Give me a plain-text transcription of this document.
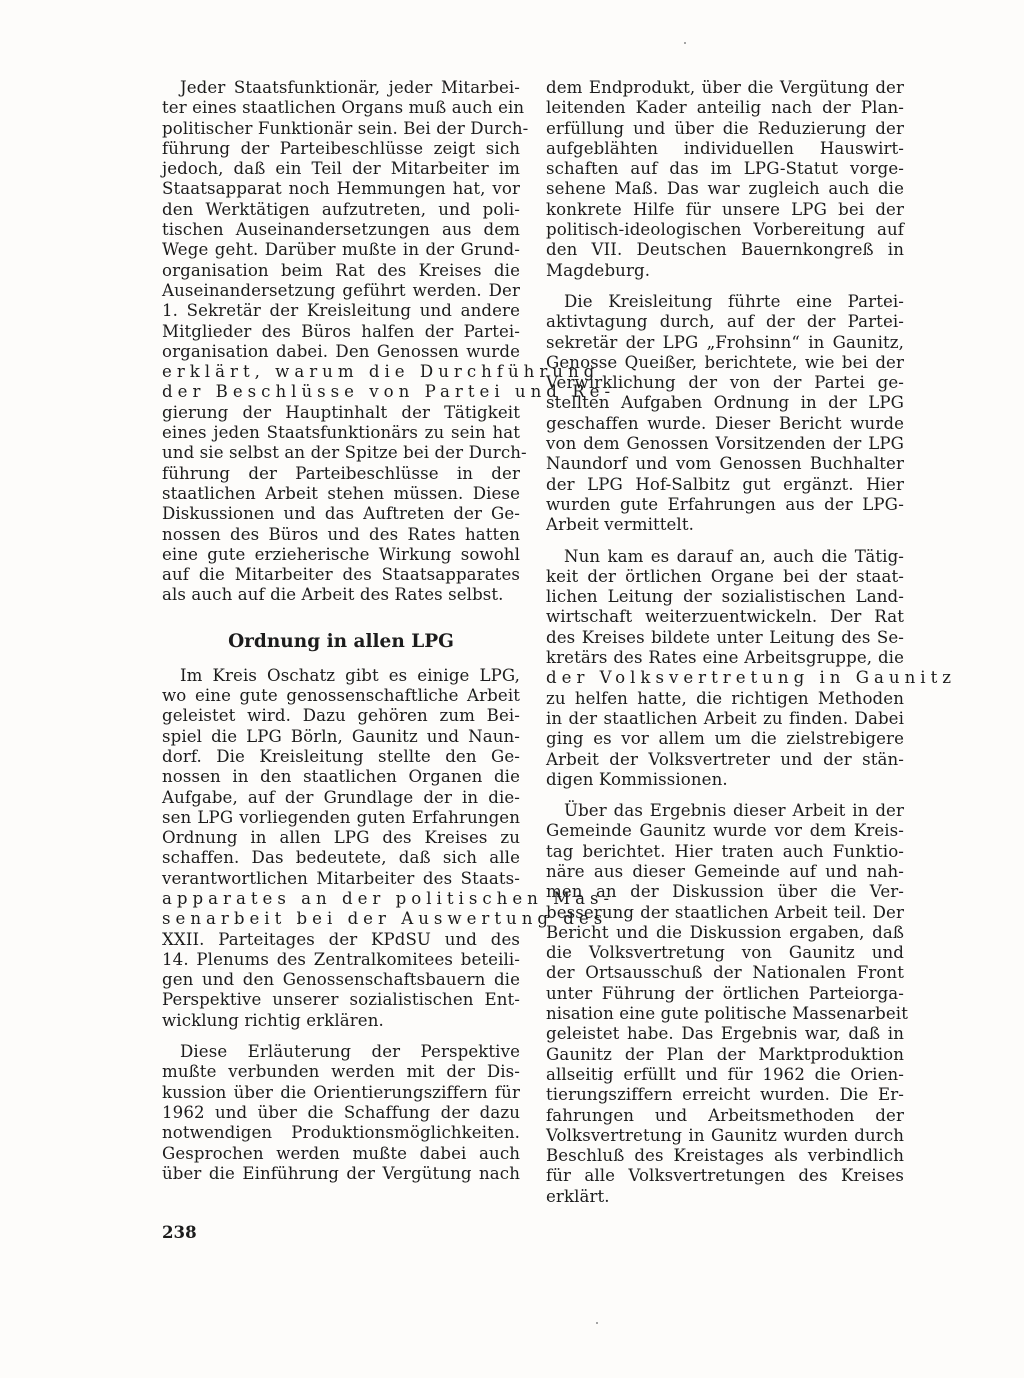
Jeder Staatsfunktionär, jeder Mitarbei-
ter eines staatlichen Organs muß auch ein
politischer Funktionär sein. Bei der Durch-
führung der Parteibeschlüsse zeigt sich
jedoch, daß ein Teil der Mitarbeiter im
Staatsapparat noch Hemmungen hat, vor
den Werktätigen aufzutreten, und poli-
tischen Auseinandersetzungen aus dem
Wege geht. Darüber mußte in der Grund-
organisation beim Rat des Kreises die
Auseinandersetzung geführt werden. Der
1. Sekretär der Kreisleitung und andere
Mitglieder des Büros halfen der Partei-
organisation dabei. Den Genossen wurde
erklärt, warum die Durchführung
der Beschlüsse von Partei und Re-
gierung der Hauptinhalt der Tätigkeit
eines jeden Staatsfunktionärs zu sein hat
und sie selbst an der Spitze bei der Durch-
führung der Parteibeschlüsse in der
staatlichen Arbeit stehen müssen. Diese
Diskussionen und das Auftreten der Ge-
nossen des Büros und des Rates hatten
eine gute erzieherische Wirkung sowohl
auf die Mitarbeiter des Staatsapparates
als auch auf die Arbeit des Rates selbst.
Ordnung in allen LPG
Im Kreis Oschatz gibt es einige LPG,
wo eine gute genossenschaftliche Arbeit
geleistet wird. Dazu gehören zum Bei-
spiel die LPG Börln, Gaunitz und Naun-
dorf. Die Kreisleitung stellte den Ge-
nossen in den staatlichen Organen die
Aufgabe, auf der Grundlage der in die-
sen LPG vorliegenden guten Erfahrungen
Ordnung in allen LPG des Kreises zu
schaffen. Das bedeutete, daß sich alle
verantwortlichen Mitarbeiter des Staats-
apparates an der politischen Mas-
senarbeit bei der Auswertung des
XXII. Parteitages der KPdSU und des
14. Plenums des Zentralkomitees beteili-
gen und den Genossenschaftsbauern die
Perspektive unserer sozialistischen Ent-
wicklung richtig erklären.
Diese Erläuterung der Perspektive
mußte verbunden werden mit der Dis-
kussion über die Orientierungsziffern für
1962 und über die Schaffung der dazu
notwendigen Produktionsmöglichkeiten.
Gesprochen werden mußte dabei auch
über die Einführung der Vergütung nach
dem Endprodukt, über die Vergütung der
leitenden Kader anteilig nach der Plan-
erfüllung und über die Reduzierung der
aufgeblähten individuellen Hauswirt-
schaften auf das im LPG-Statut vorge-
sehene Maß. Das war zugleich auch die
konkrete Hilfe für unsere LPG bei der
politisch-ideologischen Vorbereitung auf
den VII. Deutschen Bauernkongreß in
Magdeburg.
Die Kreisleitung führte eine Partei-
aktivtagung durch, auf der der Partei-
sekretär der LPG „Frohsinn“ in Gaunitz,
Genosse Queißer, berichtete, wie bei der
Verwirklichung der von der Partei ge-
stellten Aufgaben Ordnung in der LPG
geschaffen wurde. Dieser Bericht wurde
von dem Genossen Vorsitzenden der LPG
Naundorf und vom Genossen Buchhalter
der LPG Hof-Salbitz gut ergänzt. Hier
wurden gute Erfahrungen aus der LPG-
Arbeit vermittelt.
Nun kam es darauf an, auch die Tätig-
keit der örtlichen Organe bei der staat-
lichen Leitung der sozialistischen Land-
wirtschaft weiterzuentwickeln. Der Rat
des Kreises bildete unter Leitung des Se-
kretärs des Rates eine Arbeitsgruppe, die
der Volksvertretung in Gaunitz
zu helfen hatte, die richtigen Methoden
in der staatlichen Arbeit zu finden. Dabei
ging es vor allem um die zielstrebigere
Arbeit der Volksvertreter und der stän-
digen Kommissionen.
Über das Ergebnis dieser Arbeit in der
Gemeinde Gaunitz wurde vor dem Kreis-
tag berichtet. Hier traten auch Funktio-
näre aus dieser Gemeinde auf und nah-
men an der Diskussion über die Ver-
besserung der staatlichen Arbeit teil. Der
Bericht und die Diskussion ergaben, daß
die Volksvertretung von Gaunitz und
der Ortsausschuß der Nationalen Front
unter Führung der örtlichen Parteiorga-
nisation eine gute politische Massenarbeit
geleistet habe. Das Ergebnis war, daß in
Gaunitz der Plan der Marktproduktion
allseitig erfüllt und für 1962 die Orien-
tierungsziffern erreicht wurden. Die Er-
fahrungen und Arbeitsmethoden der
Volksvertretung in Gaunitz wurden durch
Beschluß des Kreistages als verbindlich
für alle Volksvertretungen des Kreises
erklärt.
238
